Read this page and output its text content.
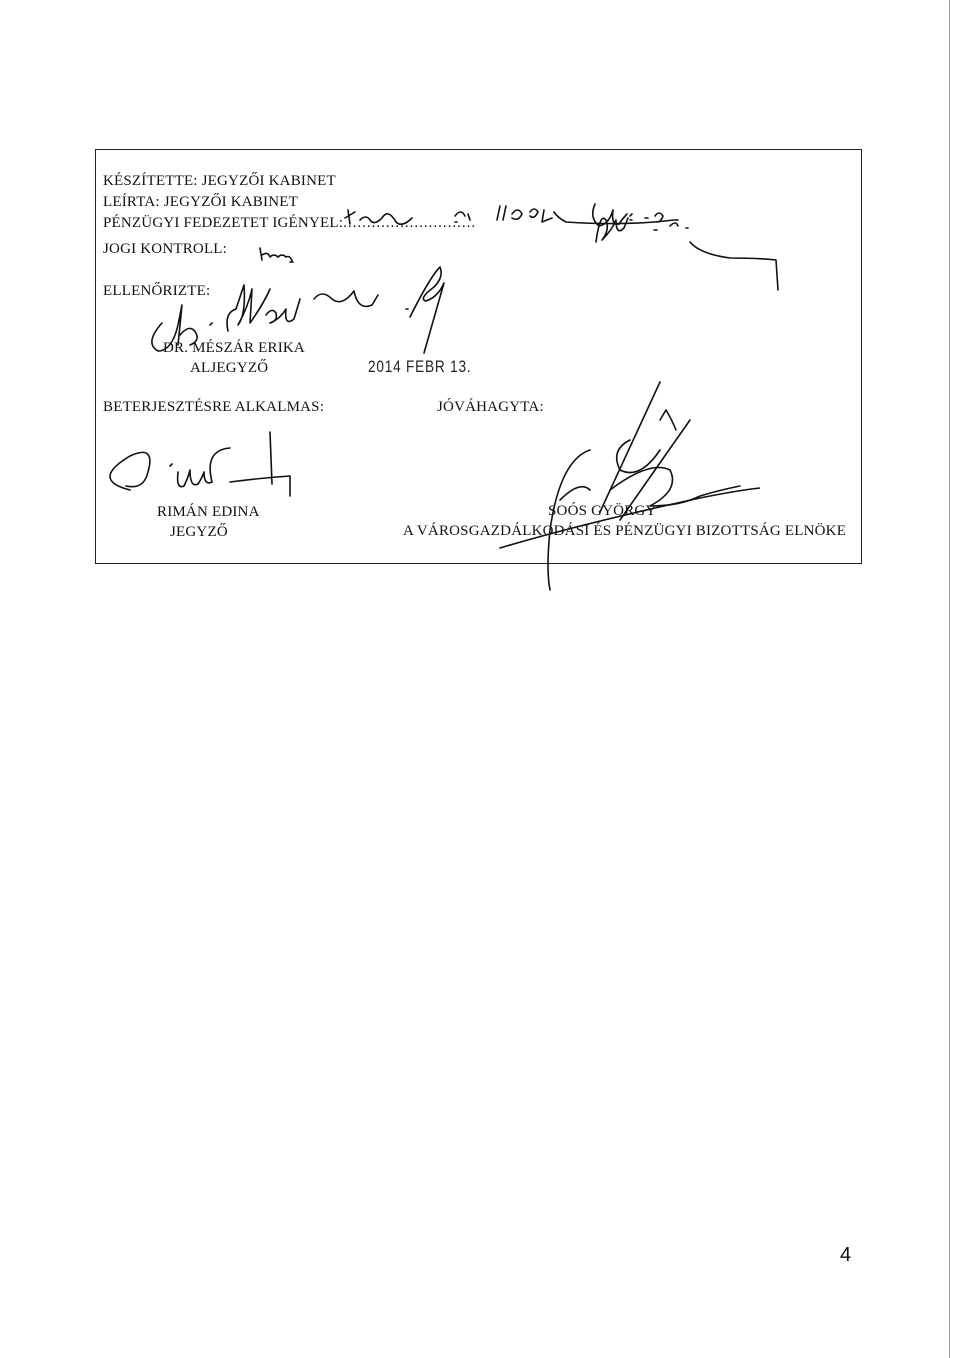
KÉSZÍTETTE: JEGYZŐI KABINET
LEÍRTA: JEGYZŐI KABINET
PÉNZÜGYI FEDEZETET IGÉNYEL:............................
JOGI KONTROLL:
ELLENŐRIZTE:
DR. MÉSZÁR ERIKA
ALJEGYZŐ	2014 FEBR 13.
BETERJESZTÉSRE ALKALMAS:	JÓVÁHAGYTA:
RIMÁN EDINA
JEGYZŐ
SOÓS GYÖRGY
A VÁROSGAZDÁLKODÁSI ÉS PÉNZÜGYI BIZOTTSÁG ELNÖKE
4
